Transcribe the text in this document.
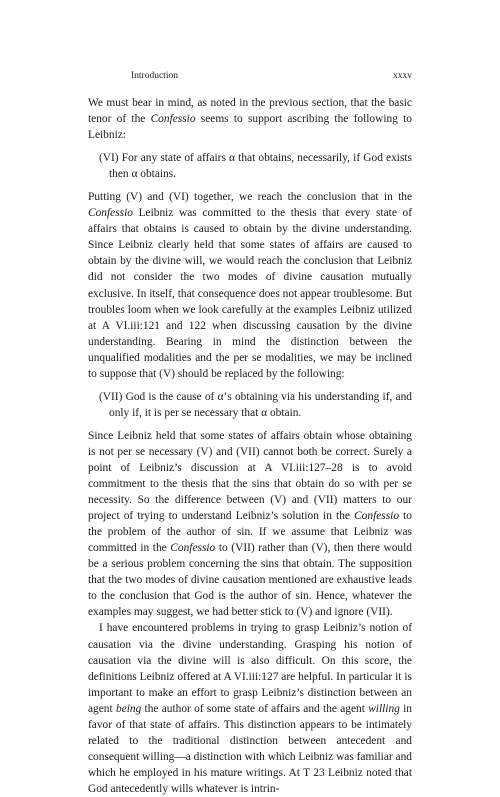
Introduction	xxxv

We must bear in mind, as noted in the previous section, that the basic tenor of the Confessio seems to support ascribing the following to Leibniz:

(VI) For any state of affairs α that obtains, necessarily, if God exists then α obtains.

Putting (V) and (VI) together, we reach the conclusion that in the Confessio Leibniz was committed to the thesis that every state of affairs that obtains is caused to obtain by the divine understanding. Since Leibniz clearly held that some states of affairs are caused to obtain by the divine will, we would reach the conclusion that Leibniz did not consider the two modes of divine causation mutually exclusive. In itself, that consequence does not appear troublesome. But troubles loom when we look carefully at the examples Leibniz utilized at A VI.iii:121 and 122 when discussing causation by the divine understanding. Bearing in mind the distinction between the unqualified modalities and the per se modalities, we may be inclined to suppose that (V) should be replaced by the following:

(VII) God is the cause of α’s obtaining via his understanding if, and only if, it is per se necessary that α obtain.

Since Leibniz held that some states of affairs obtain whose obtaining is not per se necessary (V) and (VII) cannot both be correct. Surely a point of Leibniz’s discussion at A VI.iii:127–28 is to avoid commitment to the thesis that the sins that obtain do so with per se necessity. So the difference between (V) and (VII) matters to our project of trying to understand Leibniz’s solution in the Confessio to the problem of the author of sin. If we assume that Leibniz was committed in the Confessio to (VII) rather than (V), then there would be a serious problem concerning the sins that obtain. The supposition that the two modes of divine causation mentioned are exhaustive leads to the conclusion that God is the author of sin. Hence, whatever the examples may suggest, we had better stick to (V) and ignore (VII).

I have encountered problems in trying to grasp Leibniz’s notion of causation via the divine understanding. Grasping his notion of causation via the divine will is also difficult. On this score, the definitions Leibniz offered at A VI.iii:127 are helpful. In particular it is important to make an effort to grasp Leibniz’s distinction between an agent being the author of some state of affairs and the agent willing in favor of that state of affairs. This distinction appears to be intimately related to the traditional distinction between antecedent and consequent willing—a distinction with which Leibniz was familiar and which he employed in his mature writings. At T 23 Leibniz noted that God antecedently wills whatever is intrin-
